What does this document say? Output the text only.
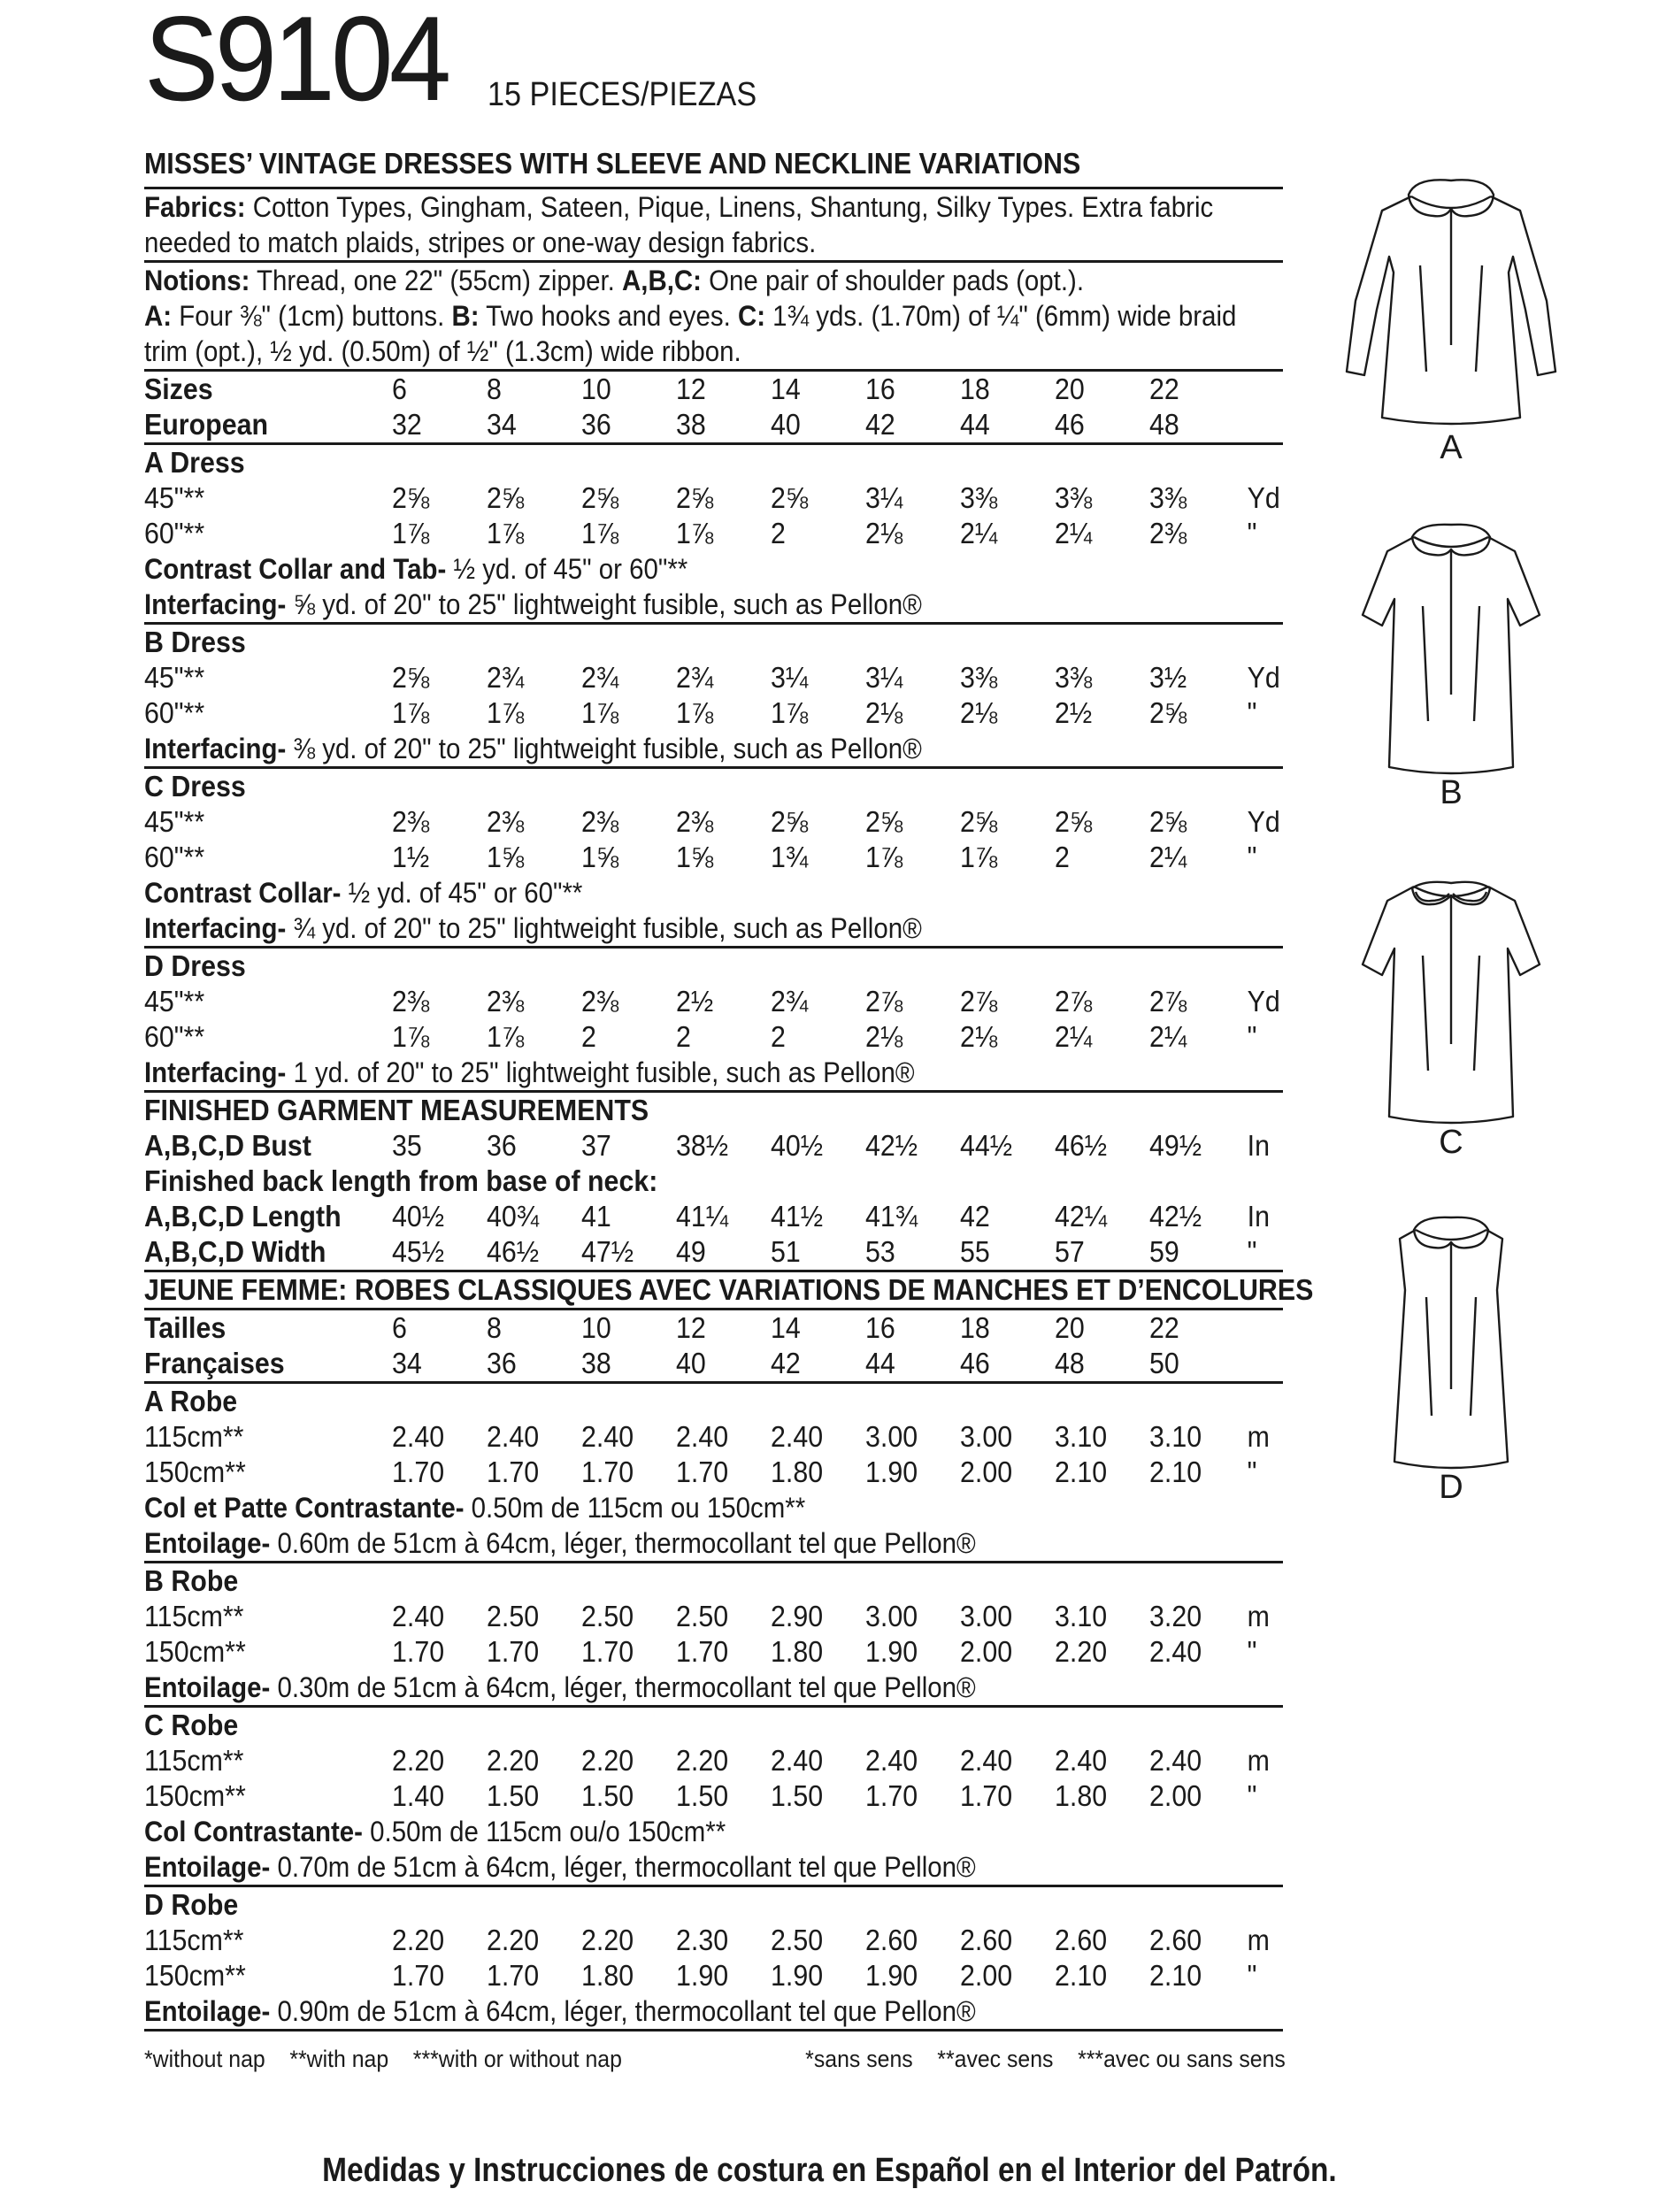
S9104 15 PIECES/PIEZAS
MISSES’ VINTAGE DRESSES WITH SLEEVE AND NECKLINE VARIATIONS
Fabrics: Cotton Types, Gingham, Sateen, Pique, Linens, Shantung, Silky Types. Extra fabric
needed to match plaids, stripes or one-way design fabrics.
Notions: Thread, one 22" (55cm) zipper. A,B,C: One pair of shoulder pads (opt.).
A: Four ⅜" (1cm) buttons. B: Two hooks and eyes. C: 1¾ yds. (1.70m) of ¼" (6mm) wide braid
trim (opt.), ½ yd. (0.50m) of ½" (1.3cm) wide ribbon.
Sizes	6	8	10	12	14	16	18	20	22
European	32	34	36	38	40	42	44	46	48
A Dress
45"**	2⅝	2⅝	2⅝	2⅝	2⅝	3¼	3⅜	3⅜	3⅜	Yd
60"**	1⅞	1⅞	1⅞	1⅞	2	2⅛	2¼	2¼	2⅜	"
Contrast Collar and Tab- ½ yd. of 45" or 60"**
Interfacing- ⅝ yd. of 20" to 25" lightweight fusible, such as Pellon®
B Dress
45"**	2⅝	2¾	2¾	2¾	3¼	3¼	3⅜	3⅜	3½	Yd
60"**	1⅞	1⅞	1⅞	1⅞	1⅞	2⅛	2⅛	2½	2⅝	"
Interfacing- ⅜ yd. of 20" to 25" lightweight fusible, such as Pellon®
C Dress
45"**	2⅜	2⅜	2⅜	2⅜	2⅝	2⅝	2⅝	2⅝	2⅝	Yd
60"**	1½	1⅝	1⅝	1⅝	1¾	1⅞	1⅞	2	2¼	"
Contrast Collar- ½ yd. of 45" or 60"**
Interfacing- ¾ yd. of 20" to 25" lightweight fusible, such as Pellon®
D Dress
45"**	2⅜	2⅜	2⅜	2½	2¾	2⅞	2⅞	2⅞	2⅞	Yd
60"**	1⅞	1⅞	2	2	2	2⅛	2⅛	2¼	2¼	"
Interfacing- 1 yd. of 20" to 25" lightweight fusible, such as Pellon®
FINISHED GARMENT MEASUREMENTS
A,B,C,D Bust	35	36	37	38½	40½	42½	44½	46½	49½	In
Finished back length from base of neck:
A,B,C,D Length	40½	40¾	41	41¼	41½	41¾	42	42¼	42½	In
A,B,C,D Width	45½	46½	47½	49	51	53	55	57	59	"
JEUNE FEMME: ROBES CLASSIQUES AVEC VARIATIONS DE MANCHES ET D’ENCOLURES
Tailles	6	8	10	12	14	16	18	20	22
Françaises	34	36	38	40	42	44	46	48	50
A Robe
115cm**	2.40	2.40	2.40	2.40	2.40	3.00	3.00	3.10	3.10	m
150cm**	1.70	1.70	1.70	1.70	1.80	1.90	2.00	2.10	2.10	"
Col et Patte Contrastante- 0.50m de 115cm ou 150cm**
Entoilage- 0.60m de 51cm à 64cm, léger, thermocollant tel que Pellon®
B Robe
115cm**	2.40	2.50	2.50	2.50	2.90	3.00	3.00	3.10	3.20	m
150cm**	1.70	1.70	1.70	1.70	1.80	1.90	2.00	2.20	2.40	"
Entoilage- 0.30m de 51cm à 64cm, léger, thermocollant tel que Pellon®
C Robe
115cm**	2.20	2.20	2.20	2.20	2.40	2.40	2.40	2.40	2.40	m
150cm**	1.40	1.50	1.50	1.50	1.50	1.70	1.70	1.80	2.00	"
Col Contrastante- 0.50m de 115cm ou/o 150cm**
Entoilage- 0.70m de 51cm à 64cm, léger, thermocollant tel que Pellon®
D Robe
115cm**	2.20	2.20	2.20	2.30	2.50	2.60	2.60	2.60	2.60	m
150cm**	1.70	1.70	1.80	1.90	1.90	1.90	2.00	2.10	2.10	"
Entoilage- 0.90m de 51cm à 64cm, léger, thermocollant tel que Pellon®
*without nap    **with nap    ***with or without nap	*sans sens    **avec sens    ***avec ou sans sens
Medidas y Instrucciones de costura en Español en el Interior del Patrón.
A
B
C
D
